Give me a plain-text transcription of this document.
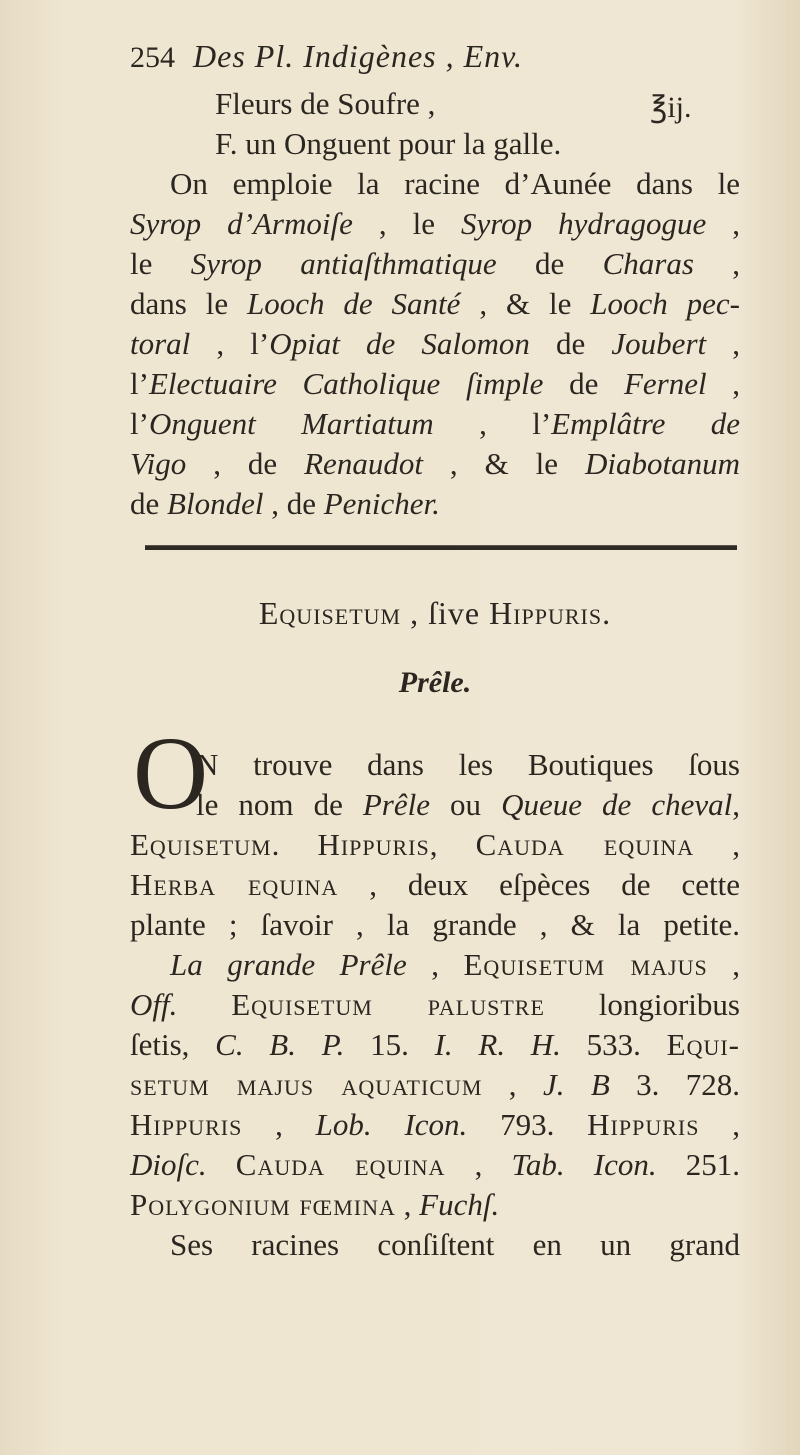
254 Des Pl. Indigènes , Env.
Fleurs de Soufre ,	℥ij.
F. un Onguent pour la galle.
On emploie la racine d’Aunée dans le
Syrop d’Armoiſe , le Syrop hydragogue ,
le Syrop antiaſthmatique de Charas ,
dans le Looch de Santé , & le Looch pec-
toral , l’Opiat de Salomon de Joubert ,
l’Electuaire Catholique ſimple de Fernel ,
l’Onguent Martiatum , l’Emplâtre de
Vigo , de Renaudot , & le Diabotanum
de Blondel , de Penicher.
Equisetum , ſive Hippuris.
Prêle.
O
N trouve dans les Boutiques ſous
le nom de Prêle ou Queue de cheval,
Equisetum. Hippuris, Cauda equina ,
Herba equina , deux eſpèces de cette
plante ; ſavoir , la grande , & la petite.
La grande Prêle , Equisetum majus ,
Off. Equisetum palustre longioribus
ſetis, C. B. P. 15. I. R. H. 533. Equi-
setum majus aquaticum , J. B 3. 728.
Hippuris , Lob. Icon. 793. Hippuris ,
Dioſc. Cauda equina , Tab. Icon. 251.
Polygonium fœmina , Fuchſ.
Ses racines conſiſtent en un grand
